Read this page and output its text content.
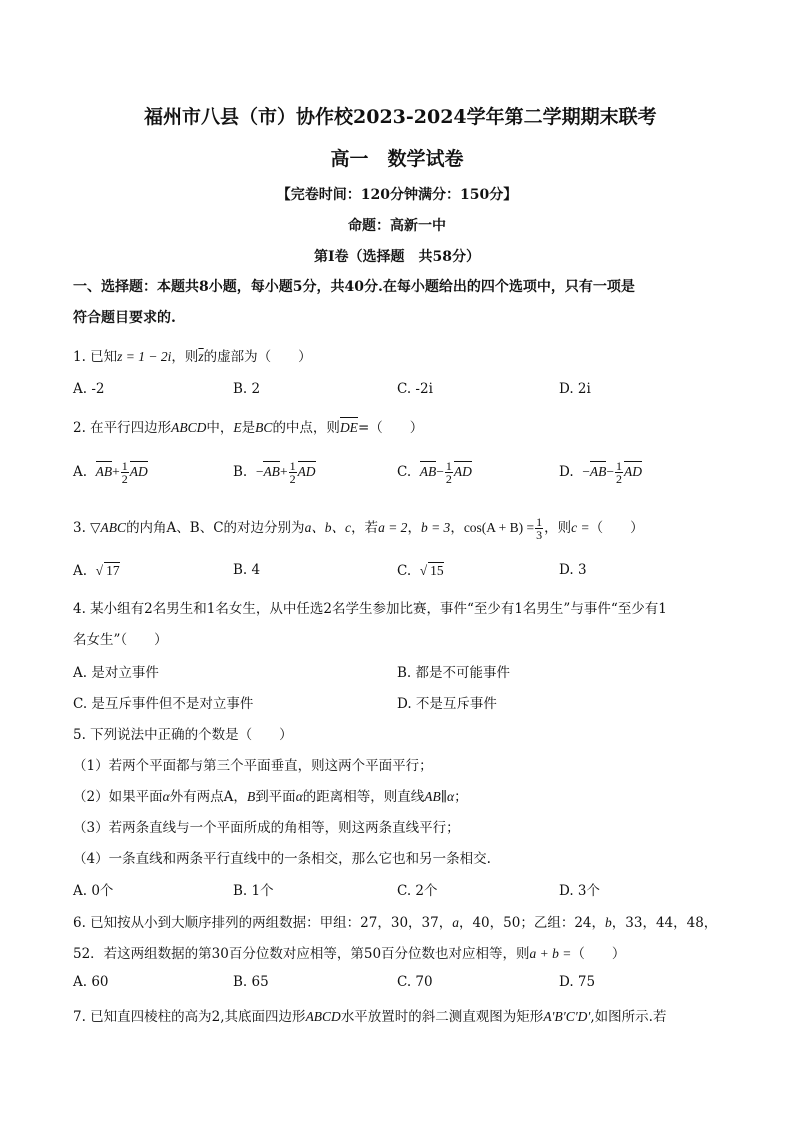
福州市八县（市）协作校2023-2024学年第二学期期末联考
高一　数学试卷
【完卷时间：120分钟满分：150分】
命题：高新一中
第Ⅰ卷（选择题　共58分）
一、选择题：本题共8小题，每小题5分，共40分.在每小题给出的四个选项中，只有一项是
符合题目要求的.
1. 已知z = 1 − 2i，则$\overline{z}$的虚部为（　　）
A. -2	B. 2	C. -2i	D. 2i
2. 在平行四边形ABCD中，E是BC的中点，则DE=（　　）
A. $AB+ \frac{1}{2}$ AD	B. $-AB+ \frac{1}{2}$ AD	C. $AB- \frac{1}{2}$ AD	D. $-AB- \frac{1}{2}$ AD
3. ▽ABC的内角A、B、C的对边分别为a、b、c，若a = 2，b = 3，$\cos(A + B) = \frac{1}{3}$ ，则c =（　　）
A. √ 17	B. 4	C. √ 15	D. 3
4. 某小组有2名男生和1名女生，从中任选2名学生参加比赛，事件“至少有1名男生”与事件“至少有1
名女生”（　　）
A. 是对立事件	B. 都是不可能事件
C. 是互斥事件但不是对立事件	D. 不是互斥事件
5. 下列说法中正确的个数是（　　）
（1）若两个平面都与第三个平面垂直，则这两个平面平行；
（2）如果平面α外有两点A，B到平面α的距离相等，则直线AB∥α；
（3）若两条直线与一个平面所成的角相等，则这两条直线平行；
（4）一条直线和两条平行直线中的一条相交，那么它也和另一条相交.
A. 0个	B. 1个	C. 2个	D. 3个
6. 已知按从小到大顺序排列的两组数据：甲组：27，30，37，a，40，50；乙组：24，b，33，44，48，
52．若这两组数据的第30百分位数对应相等，第50百分位数也对应相等，则a + b =（　　）
A. 60	B. 65	C. 70	D. 75
7. 已知直四棱柱的高为2,其底面四边形ABCD水平放置时的斜二测直观图为矩形A′B′C′D′,如图所示.若
